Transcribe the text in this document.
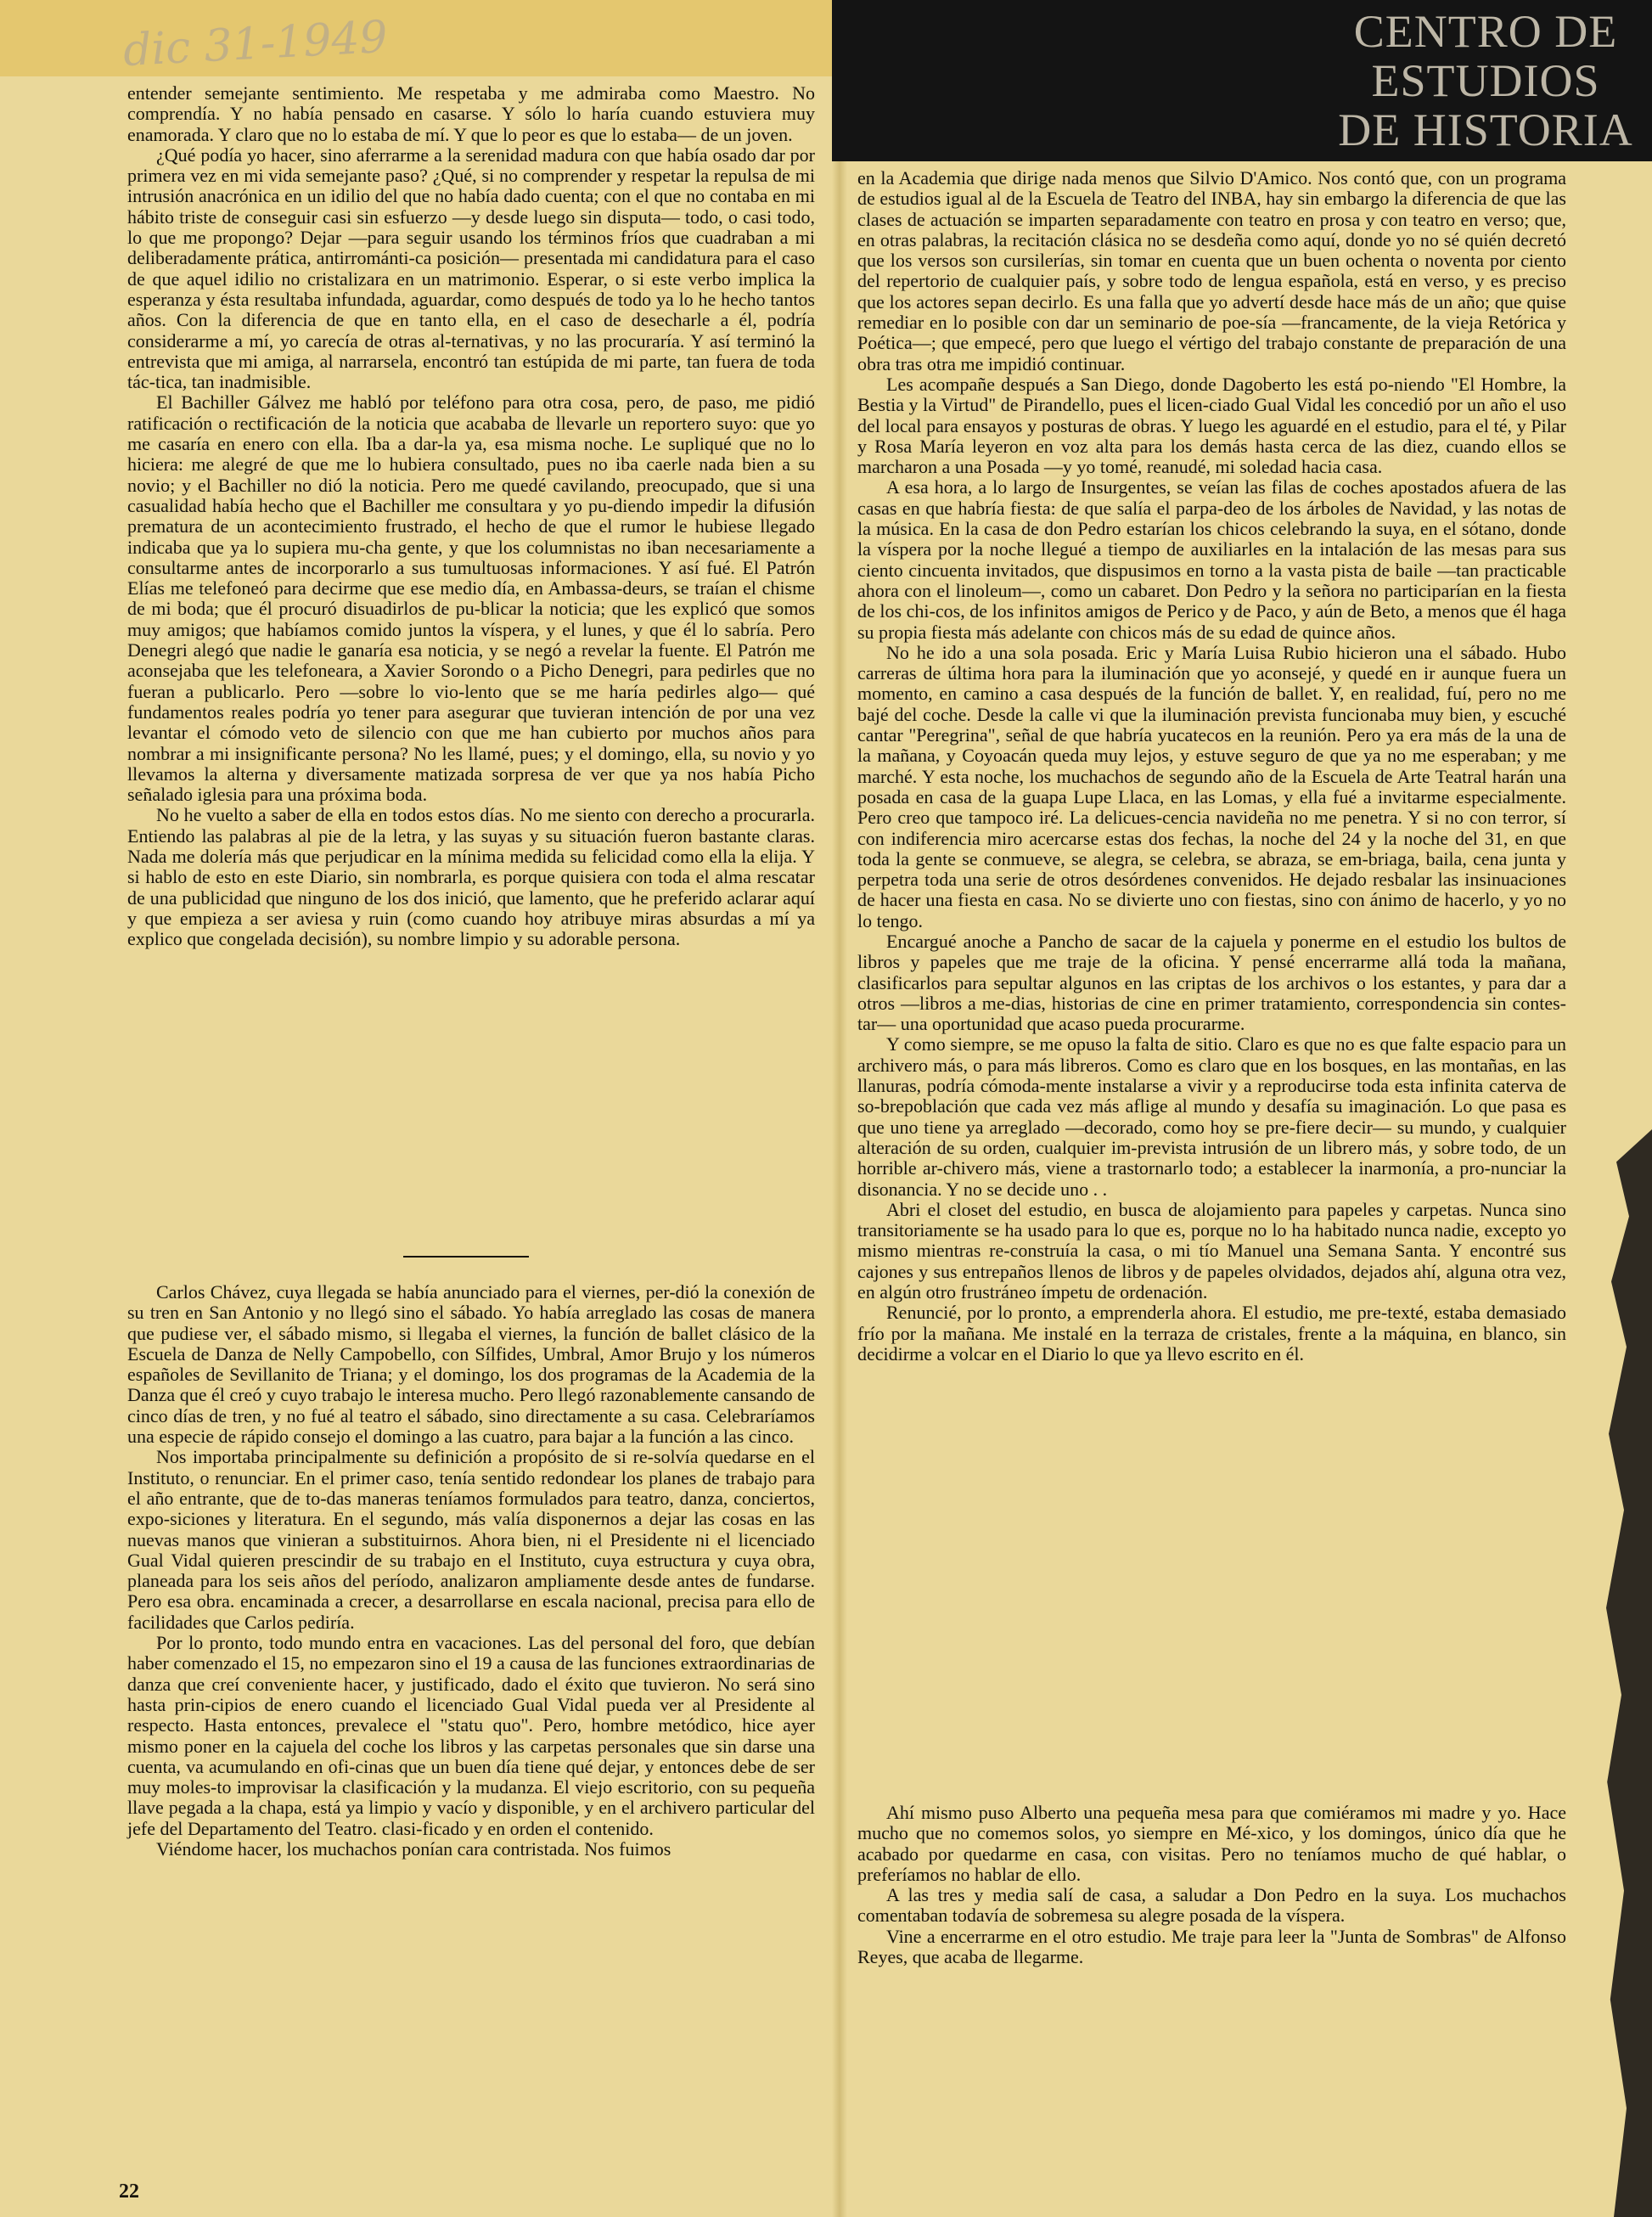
dic 31-1949	CENTRO DE
ESTUDIOS
DE HISTORIA

entender semejante sentimiento. Me respetaba y me admiraba como Maestro. No comprendía. Y no había pensado en casarse. Y sólo lo haría cuando estuviera muy enamorada. Y claro que no lo estaba de mí. Y que lo peor es que lo estaba— de un joven.

¿Qué podía yo hacer, sino aferrarme a la serenidad madura con que había osado dar por primera vez en mi vida semejante paso? ¿Qué, si no comprender y respetar la repulsa de mi intrusión anacrónica en un idilio del que no había dado cuenta; con el que no contaba en mi hábito triste de conseguir casi sin esfuerzo —y desde luego sin disputa— todo, o casi todo, lo que me propongo? Dejar —para seguir usando los términos fríos que cuadraban a mi deliberadamente prática, antirrománti-ca posición— presentada mi candidatura para el caso de que aquel idilio no cristalizara en un matrimonio. Esperar, o si este verbo implica la esperanza y ésta resultaba infundada, aguardar, como después de todo ya lo he hecho tantos años. Con la diferencia de que en tanto ella, en el caso de desecharle a él, podría considerarme a mí, yo carecía de otras al-ternativas, y no las procuraría. Y así terminó la entrevista que mi amiga, al narrarsela, encontró tan estúpida de mi parte, tan fuera de toda tác-tica, tan inadmisible.

El Bachiller Gálvez me habló por teléfono para otra cosa, pero, de paso, me pidió ratificación o rectificación de la noticia que acababa de llevarle un reportero suyo: que yo me casaría en enero con ella. Iba a dar-la ya, esa misma noche. Le supliqué que no lo hiciera: me alegré de que me lo hubiera consultado, pues no iba caerle nada bien a su novio; y el Bachiller no dió la noticia. Pero me quedé cavilando, preocupado, que si una casualidad había hecho que el Bachiller me consultara y yo pu-diendo impedir la difusión prematura de un acontecimiento frustrado, el hecho de que el rumor le hubiese llegado indicaba que ya lo supiera mu-cha gente, y que los columnistas no iban necesariamente a consultarme antes de incorporarlo a sus tumultuosas informaciones. Y así fué. El Patrón Elías me telefoneó para decirme que ese medio día, en Ambassa-deurs, se traían el chisme de mi boda; que él procuró disuadirlos de pu-blicar la noticia; que les explicó que somos muy amigos; que habíamos comido juntos la víspera, y el lunes, y que él lo sabría. Pero Denegri alegó que nadie le ganaría esa noticia, y se negó a revelar la fuente. El Patrón me aconsejaba que les telefoneara, a Xavier Sorondo o a Picho Denegri, para pedirles que no fueran a publicarlo. Pero —sobre lo vio-lento que se me haría pedirles algo— qué fundamentos reales podría yo tener para asegurar que tuvieran intención de por una vez levantar el cómodo veto de silencio con que me han cubierto por muchos años para nombrar a mi insignificante persona? No les llamé, pues; y el domingo, ella, su novio y yo llevamos la alterna y diversamente matizada sorpresa de ver que ya nos había Picho señalado iglesia para una próxima boda.

No he vuelto a saber de ella en todos estos días. No me siento con derecho a procurarla. Entiendo las palabras al pie de la letra, y las suyas y su situación fueron bastante claras. Nada me dolería más que perjudicar en la mínima medida su felicidad como ella la elija. Y si hablo de esto en este Diario, sin nombrarla, es porque quisiera con toda el alma rescatar de una publicidad que ninguno de los dos inició, que lamento, que he preferido aclarar aquí y que empieza a ser aviesa y ruin (como cuando hoy atribuye miras absurdas a mí ya explico que congelada decisión), su nombre limpio y su adorable persona.

Carlos Chávez, cuya llegada se había anunciado para el viernes, per-dió la conexión de su tren en San Antonio y no llegó sino el sábado. Yo había arreglado las cosas de manera que pudiese ver, el sábado mismo, si llegaba el viernes, la función de ballet clásico de la Escuela de Danza de Nelly Campobello, con Sílfides, Umbral, Amor Brujo y los números españoles de Sevillanito de Triana; y el domingo, los dos programas de la Academia de la Danza que él creó y cuyo trabajo le interesa mucho. Pero llegó razonablemente cansando de cinco días de tren, y no fué al teatro el sábado, sino directamente a su casa. Celebraríamos una especie de rápido consejo el domingo a las cuatro, para bajar a la función a las cinco.

Nos importaba principalmente su definición a propósito de si re-solvía quedarse en el Instituto, o renunciar. En el primer caso, tenía sentido redondear los planes de trabajo para el año entrante, que de to-das maneras teníamos formulados para teatro, danza, conciertos, expo-siciones y literatura. En el segundo, más valía disponernos a dejar las cosas en las nuevas manos que vinieran a substituirnos. Ahora bien, ni el Presidente ni el licenciado Gual Vidal quieren prescindir de su trabajo en el Instituto, cuya estructura y cuya obra, planeada para los seis años del período, analizaron ampliamente desde antes de fundarse. Pero esa obra. encaminada a crecer, a desarrollarse en escala nacional, precisa para ello de facilidades que Carlos pediría.

Por lo pronto, todo mundo entra en vacaciones. Las del personal del foro, que debían haber comenzado el 15, no empezaron sino el 19 a causa de las funciones extraordinarias de danza que creí conveniente hacer, y justificado, dado el éxito que tuvieron. No será sino hasta prin-cipios de enero cuando el licenciado Gual Vidal pueda ver al Presidente al respecto. Hasta entonces, prevalece el "statu quo". Pero, hombre metódico, hice ayer mismo poner en la cajuela del coche los libros y las carpetas personales que sin darse una cuenta, va acumulando en ofi-cinas que un buen día tiene qué dejar, y entonces debe de ser muy moles-to improvisar la clasificación y la mudanza. El viejo escritorio, con su pequeña llave pegada a la chapa, está ya limpio y vacío y disponible, y en el archivero particular del jefe del Departamento del Teatro. clasi-ficado y en orden el contenido.

Viéndome hacer, los muchachos ponían cara contristada. Nos fuimos

en la Academia que dirige nada menos que Silvio D'Amico. Nos contó que, con un programa de estudios igual al de la Escuela de Teatro del INBA, hay sin embargo la diferencia de que las clases de actuación se imparten separadamente con teatro en prosa y con teatro en verso; que, en otras palabras, la recitación clásica no se desdeña como aquí, donde yo no sé quién decretó que los versos son cursilerías, sin tomar en cuenta que un buen ochenta o noventa por ciento del repertorio de cualquier país, y sobre todo de lengua española, está en verso, y es preciso que los actores sepan decirlo. Es una falla que yo advertí desde hace más de un año; que quise remediar en lo posible con dar un seminario de poe-sía —francamente, de la vieja Retórica y Poética—; que empecé, pero que luego el vértigo del trabajo constante de preparación de una obra tras otra me impidió continuar.

Les acompañe después a San Diego, donde Dagoberto les está po-niendo "El Hombre, la Bestia y la Virtud" de Pirandello, pues el licen-ciado Gual Vidal les concedió por un año el uso del local para ensayos y posturas de obras. Y luego les aguardé en el estudio, para el té, y Pilar y Rosa María leyeron en voz alta para los demás hasta cerca de las diez, cuando ellos se marcharon a una Posada —y yo tomé, reanudé, mi soledad hacia casa.

A esa hora, a lo largo de Insurgentes, se veían las filas de coches apostados afuera de las casas en que habría fiesta: de que salía el parpa-deo de los árboles de Navidad, y las notas de la música. En la casa de don Pedro estarían los chicos celebrando la suya, en el sótano, donde la víspera por la noche llegué a tiempo de auxiliarles en la intalación de las mesas para sus ciento cincuenta invitados, que dispusimos en torno a la vasta pista de baile —tan practicable ahora con el linoleum—, como un cabaret. Don Pedro y la señora no participarían en la fiesta de los chi-cos, de los infinitos amigos de Perico y de Paco, y aún de Beto, a menos que él haga su propia fiesta más adelante con chicos más de su edad de quince años.

No he ido a una sola posada. Eric y María Luisa Rubio hicieron una el sábado. Hubo carreras de última hora para la iluminación que yo aconsejé, y quedé en ir aunque fuera un momento, en camino a casa después de la función de ballet. Y, en realidad, fuí, pero no me bajé del coche. Desde la calle vi que la iluminación prevista funcionaba muy bien, y escuché cantar "Peregrina", señal de que habría yucatecos en la reunión. Pero ya era más de la una de la mañana, y Coyoacán queda muy lejos, y estuve seguro de que ya no me esperaban; y me marché. Y esta noche, los muchachos de segundo año de la Escuela de Arte Teatral harán una posada en casa de la guapa Lupe Llaca, en las Lomas, y ella fué a invitarme especialmente. Pero creo que tampoco iré. La delicues-cencia navideña no me penetra. Y si no con terror, sí con indiferencia miro acercarse estas dos fechas, la noche del 24 y la noche del 31, en que toda la gente se conmueve, se alegra, se celebra, se abraza, se em-briaga, baila, cena junta y perpetra toda una serie de otros desórdenes convenidos. He dejado resbalar las insinuaciones de hacer una fiesta en casa. No se divierte uno con fiestas, sino con ánimo de hacerlo, y yo no lo tengo.

Encargué anoche a Pancho de sacar de la cajuela y ponerme en el estudio los bultos de libros y papeles que me traje de la oficina. Y pensé encerrarme allá toda la mañana, clasificarlos para sepultar algunos en las criptas de los archivos o los estantes, y para dar a otros —libros a me-dias, historias de cine en primer tratamiento, correspondencia sin contes-tar— una oportunidad que acaso pueda procurarme.

Y como siempre, se me opuso la falta de sitio. Claro es que no es que falte espacio para un archivero más, o para más libreros. Como es claro que en los bosques, en las montañas, en las llanuras, podría cómoda-mente instalarse a vivir y a reproducirse toda esta infinita caterva de so-brepoblación que cada vez más aflige al mundo y desafía su imaginación. Lo que pasa es que uno tiene ya arreglado —decorado, como hoy se pre-fiere decir— su mundo, y cualquier alteración de su orden, cualquier im-prevista intrusión de un librero más, y sobre todo, de un horrible ar-chivero más, viene a trastornarlo todo; a establecer la inarmonía, a pro-nunciar la disonancia. Y no se decide uno . .

Abri el closet del estudio, en busca de alojamiento para papeles y carpetas. Nunca sino transitoriamente se ha usado para lo que es, porque no lo ha habitado nunca nadie, excepto yo mismo mientras re-construía la casa, o mi tío Manuel una Semana Santa. Y encontré sus cajones y sus entrepaños llenos de libros y de papeles olvidados, dejados ahí, alguna otra vez, en algún otro frustráneo ímpetu de ordenación.

Renuncié, por lo pronto, a emprenderla ahora. El estudio, me pre-texté, estaba demasiado frío por la mañana. Me instalé en la terraza de cristales, frente a la máquina, en blanco, sin decidirme a volcar en el Diario lo que ya llevo escrito en él.

Ahí mismo puso Alberto una pequeña mesa para que comiéramos mi madre y yo. Hace mucho que no comemos solos, yo siempre en Mé-xico, y los domingos, único día que he acabado por quedarme en casa, con visitas. Pero no teníamos mucho de qué hablar, o preferíamos no hablar de ello.

A las tres y media salí de casa, a saludar a Don Pedro en la suya. Los muchachos comentaban todavía de sobremesa su alegre posada de la víspera.

Vine a encerrarme en el otro estudio. Me traje para leer la "Junta de Sombras" de Alfonso Reyes, que acaba de llegarme.

22
